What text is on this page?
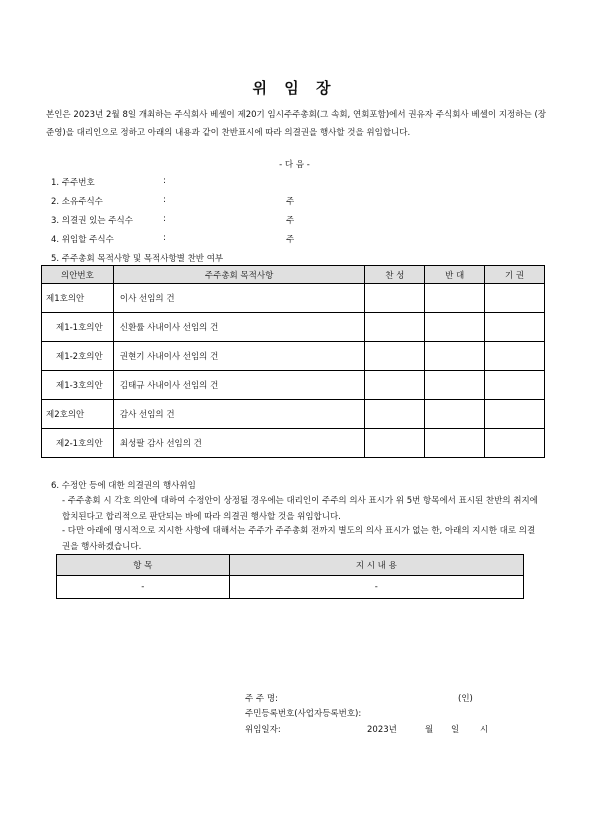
위 임 장
본인은 2023년 2월 8일 개최하는 주식회사 베셀이 제20기 임시주주총회(그 속회, 연회포함)에서 권유자 주식회사 베셀이 지정하는 (장준영)을 대리인으로 정하고 아래의 내용과 같이 찬반표시에 따라 의결권을 행사할 것을 위임합니다.
- 다 음 -
1. 주주번호	:
2. 소유주식수	:	주
3. 의결권 있는 주식수	:	주
4. 위임할 주식수	:	주
5. 주주총회 목적사항 및 목적사항별 찬반 여부
의안번호	주주총회 목적사항	찬 성	반 대	기 권
제1호의안	이사 선임의 건			
제1-1호의안	신환률 사내이사 선임의 건			
제1-2호의안	권현기 사내이사 선임의 건			
제1-3호의안	김태규 사내이사 선임의 건			
제2호의안	감사 선임의 건			
제2-1호의안	최성팔 감사 선임의 건			
6. 수정안 등에 대한 의결권의 행사위임
- 주주총회 시 각호 의안에 대하여 수정안이 상정될 경우에는 대리인이 주주의 의사 표시가 위 5번 항목에서 표시된 찬반의 취지에 합치된다고 합리적으로 판단되는 바에 따라 의결권 행사할 것을 위임합니다.
- 다만 아래에 명시적으로 지시한 사항에 대해서는 주주가 주주총회 전까지 별도의 의사 표시가 없는 한, 아래의 지시한 대로 의결권을 행사하겠습니다.
항 목	지 시 내 용
-	-
주 주 명:	(인)
주민등록번호(사업자등록번호):
위임일자:	2023년	월 일 시
